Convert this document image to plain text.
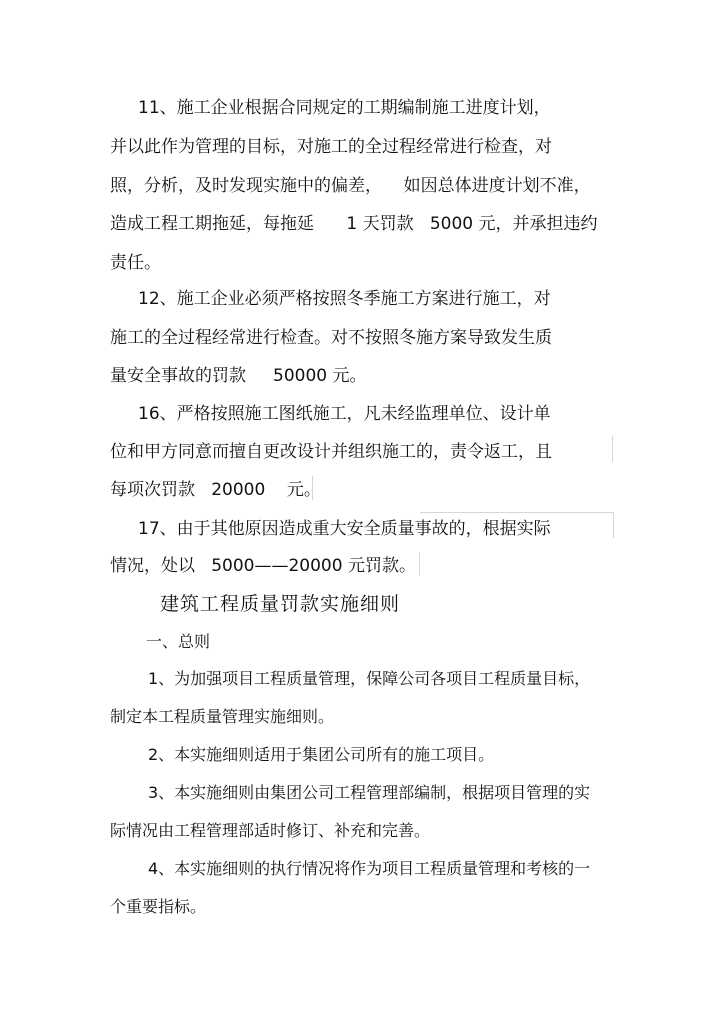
11、施工企业根据合同规定的工期编制施工进度计划，

并以此作为管理的目标，对施工的全过程经常进行检查，对

照，分析，及时发现实施中的偏差，    如因总体进度计划不准，

造成工程工期拖延，每拖延      1 天罚款   5000 元，并承担违约

责任。

12、施工企业必须严格按照冬季施工方案进行施工，对

施工的全过程经常进行检查。对不按照冬施方案导致发生质

量安全事故的罚款     50000 元。

16、严格按照施工图纸施工，凡未经监理单位、设计单

位和甲方同意而擅自更改设计并组织施工的，责令返工，且

每项次罚款   20000    元。

17、由于其他原因造成重大安全质量事故的，根据实际

情况，处以   5000——20000 元罚款。

建筑工程质量罚款实施细则

一、总则

1、为加强项目工程质量管理，保障公司各项目工程质量目标，

制定本工程质量管理实施细则。

2、本实施细则适用于集团公司所有的施工项目。

3、本实施细则由集团公司工程管理部编制，根据项目管理的实

际情况由工程管理部适时修订、补充和完善。

4、本实施细则的执行情况将作为项目工程质量管理和考核的一

个重要指标。
